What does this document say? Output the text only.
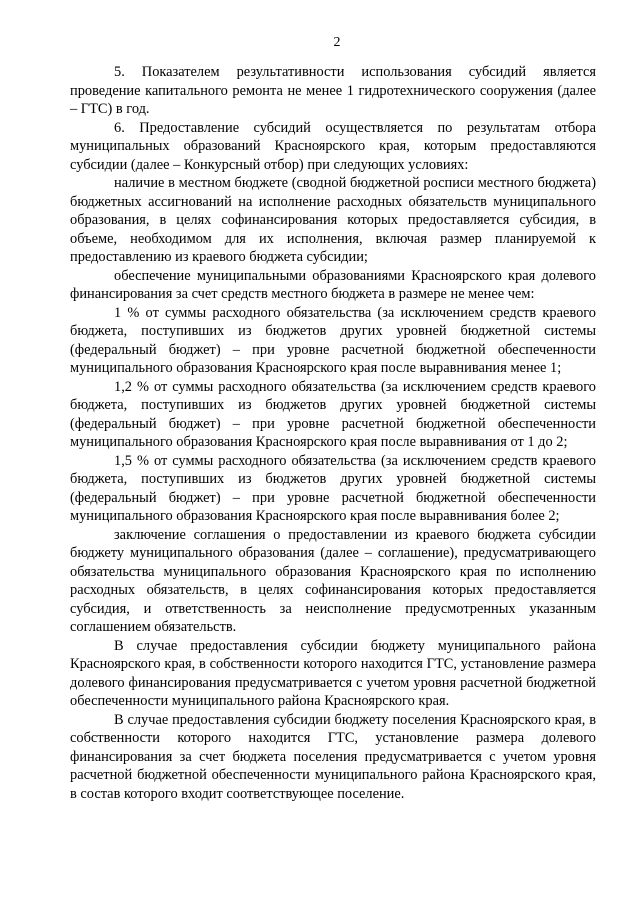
2

5. Показателем результативности использования субсидий является проведение капитального ремонта не менее 1 гидротехнического сооружения (далее – ГТС) в год.

6. Предоставление субсидий осуществляется по результатам отбора муниципальных образований Красноярского края, которым предоставляются субсидии (далее – Конкурсный отбор) при следующих условиях:

наличие в местном бюджете (сводной бюджетной росписи местного бюджета) бюджетных ассигнований на исполнение расходных обязательств муниципального образования, в целях софинансирования которых предоставляется субсидия, в объеме, необходимом для их исполнения, включая размер планируемой к предоставлению из краевого бюджета субсидии;

обеспечение муниципальными образованиями Красноярского края долевого финансирования за счет средств местного бюджета в размере не менее чем:

1 % от суммы расходного обязательства (за исключением средств краевого бюджета, поступивших из бюджетов других уровней бюджетной системы (федеральный бюджет) – при уровне расчетной бюджетной обеспеченности муниципального образования Красноярского края после выравнивания менее 1;

1,2 % от суммы расходного обязательства (за исключением средств краевого бюджета, поступивших из бюджетов других уровней бюджетной системы (федеральный бюджет) – при уровне расчетной бюджетной обеспеченности муниципального образования Красноярского края после выравнивания от 1 до 2;

1,5 % от суммы расходного обязательства (за исключением средств краевого бюджета, поступивших из бюджетов других уровней бюджетной системы (федеральный бюджет) – при уровне расчетной бюджетной обеспеченности муниципального образования Красноярского края после выравнивания более 2;

заключение соглашения о предоставлении из краевого бюджета субсидии бюджету муниципального образования (далее – соглашение), предусматривающего обязательства муниципального образования Красноярского края по исполнению расходных обязательств, в целях софинансирования которых предоставляется субсидия, и ответственность за неисполнение предусмотренных указанным соглашением обязательств.

В случае предоставления субсидии бюджету муниципального района Красноярского края, в собственности которого находится ГТС, установление размера долевого финансирования предусматривается с учетом уровня расчетной бюджетной обеспеченности муниципального района Красноярского края.

В случае предоставления субсидии бюджету поселения Красноярского края, в собственности которого находится ГТС, установление размера долевого финансирования за счет бюджета поселения предусматривается с учетом уровня расчетной бюджетной обеспеченности муниципального района Красноярского края, в состав которого входит соответствующее поселение.
